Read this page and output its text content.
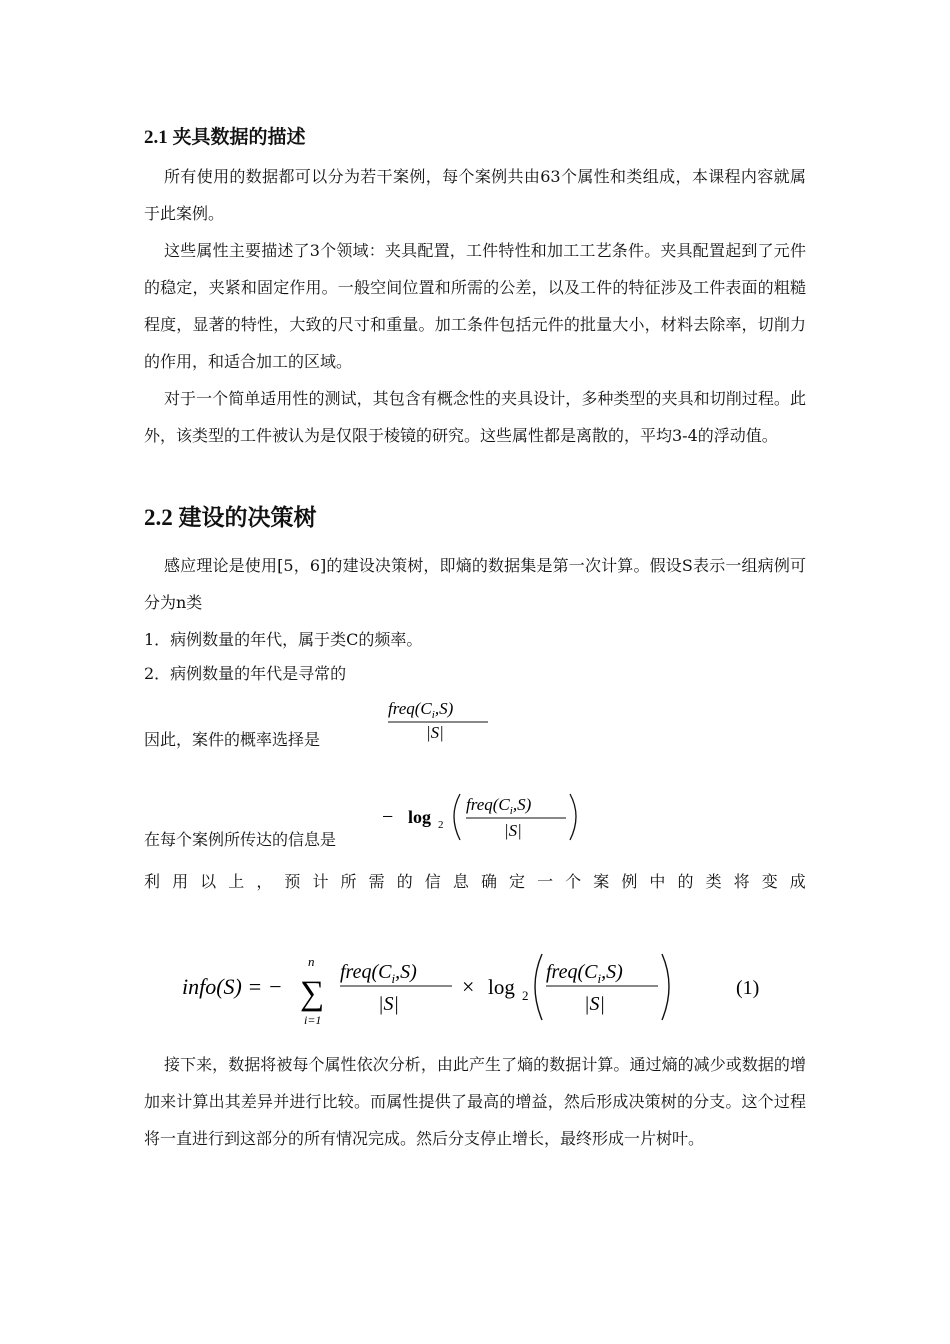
2.1 夹具数据的描述

所有使用的数据都可以分为若干案例，每个案例共由63个属性和类组成，本课程内容就属于此案例。

这些属性主要描述了3个领域：夹具配置，工件特性和加工工艺条件。夹具配置起到了元件的稳定，夹紧和固定作用。一般空间位置和所需的公差，以及工件的特征涉及工件表面的粗糙程度，显著的特性，大致的尺寸和重量。加工条件包括元件的批量大小，材料去除率，切削力的作用，和适合加工的区域。

对于一个简单适用性的测试，其包含有概念性的夹具设计，多种类型的夹具和切削过程。此外，该类型的工件被认为是仅限于棱镜的研究。这些属性都是离散的，平均3-4的浮动值。

2.2 建设的决策树

感应理论是使用[5，6]的建设决策树，即熵的数据集是第一次计算。假设S表示一组病例可分为n类

1．病例数量的年代，属于类C的频率。
2．病例数量的年代是寻常的
因此，案件的概率选择是
$freq(C_i,S)$
|S|
在每个案例所传达的信息是
− log 2
$freq(C_i,S)$
|S|
利 用 以 上 ， 预 计 所 需 的 信 息 确 定 一 个 案 例 中 的 类 将 变 成
info(S) = −
n
∑
i=1
$freq(C_i,S)$
|S|
× log 2
$freq(C_i,S)$
|S|
(1)

接下来，数据将被每个属性依次分析，由此产生了熵的数据计算。通过熵的减少或数据的增加来计算出其差异并进行比较。而属性提供了最高的增益，然后形成决策树的分支。这个过程将一直进行到这部分的所有情况完成。然后分支停止增长，最终形成一片树叶。
